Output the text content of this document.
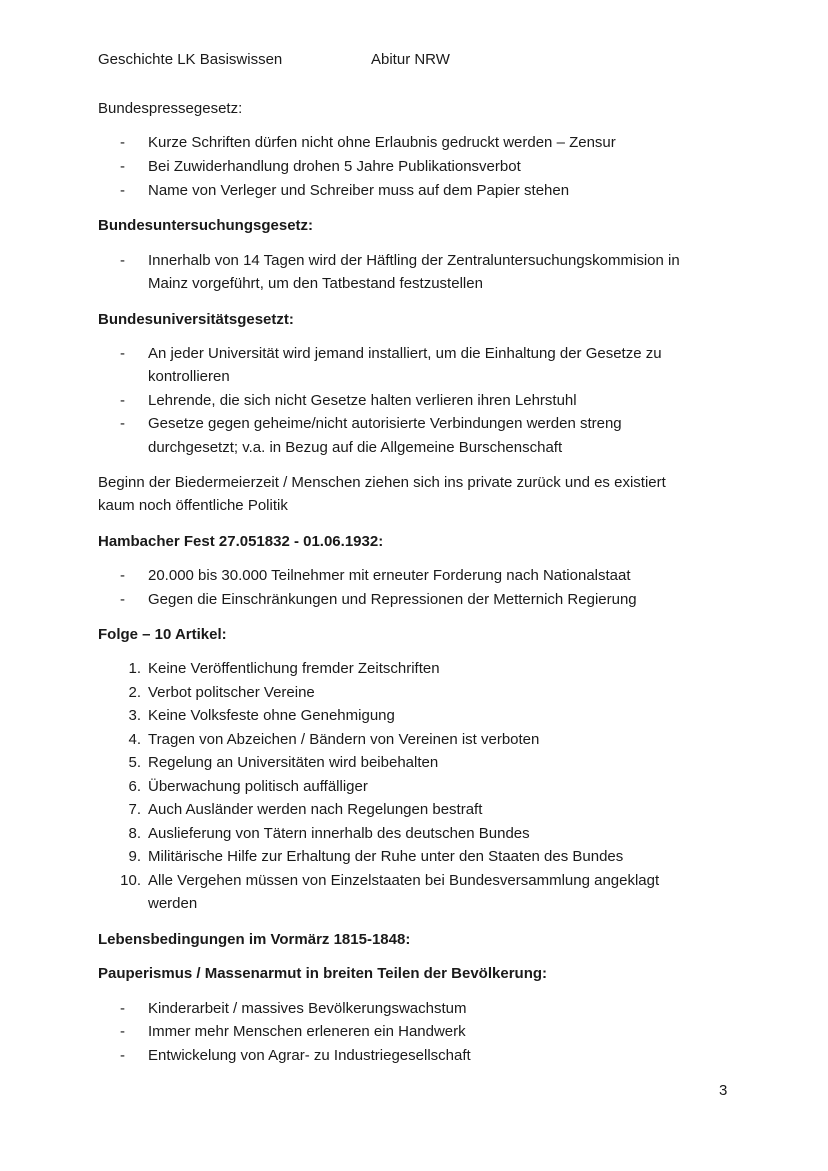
Geschichte LK Basiswissen	Abitur NRW
Bundespressegesetz:
- Kurze Schriften dürfen nicht ohne Erlaubnis gedruckt werden – Zensur
- Bei Zuwiderhandlung drohen 5 Jahre Publikationsverbot
- Name von Verleger und Schreiber muss auf dem Papier stehen
Bundesuntersuchungsgesetz:
- Innerhalb von 14 Tagen wird der Häftling der Zentraluntersuchungskommision in
Mainz vorgeführt, um den Tatbestand festzustellen
Bundesuniversitätsgesetzt:
- An jeder Universität wird jemand installiert, um die Einhaltung der Gesetze zu
kontrollieren
- Lehrende, die sich nicht Gesetze halten verlieren ihren Lehrstuhl
- Gesetze gegen geheime/nicht autorisierte Verbindungen werden streng
durchgesetzt; v.a. in Bezug auf die Allgemeine Burschenschaft
Beginn der Biedermeierzeit / Menschen ziehen sich ins private zurück und es existiert
kaum noch öffentliche Politik
Hambacher Fest 27.051832 - 01.06.1932:
- 20.000 bis 30.000 Teilnehmer mit erneuter Forderung nach Nationalstaat
- Gegen die Einschränkungen und Repressionen der Metternich Regierung
Folge – 10 Artikel:
1. Keine Veröffentlichung fremder Zeitschriften
2. Verbot politscher Vereine
3. Keine Volksfeste ohne Genehmigung
4. Tragen von Abzeichen / Bändern von Vereinen ist verboten
5. Regelung an Universitäten wird beibehalten
6. Überwachung politisch auffälliger
7. Auch Ausländer werden nach Regelungen bestraft
8. Auslieferung von Tätern innerhalb des deutschen Bundes
9. Militärische Hilfe zur Erhaltung der Ruhe unter den Staaten des Bundes
10. Alle Vergehen müssen von Einzelstaaten bei Bundesversammlung angeklagt
werden
Lebensbedingungen im Vormärz 1815-1848:
Pauperismus / Massenarmut in breiten Teilen der Bevölkerung:
- Kinderarbeit / massives Bevölkerungswachstum
- Immer mehr Menschen erleneren ein Handwerk
- Entwickelung von Agrar- zu Industriegesellschaft
3
